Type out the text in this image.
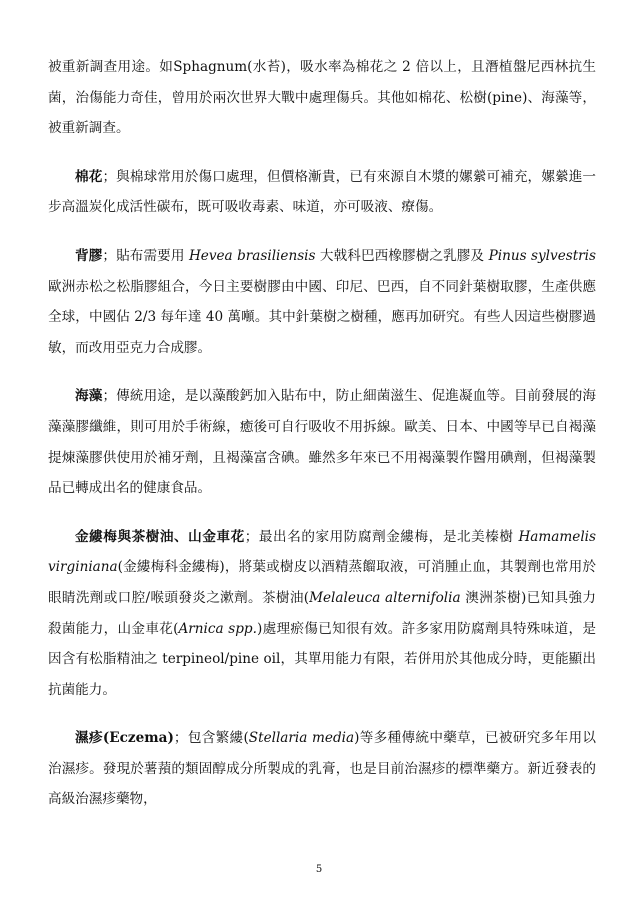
被重新調查用途。如Sphagnum(水苔)，吸水率為棉花之 2 倍以上，且潛植盤尼西林抗生菌，治傷能力奇佳，曾用於兩次世界大戰中處理傷兵。其他如棉花、松樹(pine)、海藻等，被重新調查。

棉花；與棉球常用於傷口處理，但價格漸貴，已有來源自木漿的嫘縈可補充，嫘縈進一步高溫炭化成活性碳布，既可吸收毒素、味道，亦可吸液、療傷。

背膠；貼布需要用 Hevea brasiliensis 大戟科巴西橡膠樹之乳膠及 Pinus sylvestris 歐洲赤松之松脂膠組合，今日主要樹膠由中國、印尼、巴西，自不同針葉樹取膠，生產供應全球，中國佔 2/3 每年達 40 萬噸。其中針葉樹之樹種，應再加研究。有些人因這些樹膠過敏，而改用亞克力合成膠。

海藻；傳統用途，是以藻酸鈣加入貼布中，防止細菌滋生、促進凝血等。目前發展的海藻藻膠纖維，則可用於手術線，癒後可自行吸收不用拆線。歐美、日本、中國等早已自褐藻提煉藻膠供使用於補牙劑，且褐藻富含碘。雖然多年來已不用褐藻製作醫用碘劑，但褐藻製品已轉成出名的健康食品。

金縷梅與茶樹油、山金車花；最出名的家用防腐劑金縷梅，是北美榛樹 Hamamelis virginiana(金縷梅科金縷梅)，將葉或樹皮以酒精蒸餾取液，可消腫止血，其製劑也常用於眼睛洗劑或口腔/喉頭發炎之漱劑。茶樹油(Melaleuca alternifolia 澳洲茶樹)已知具強力殺菌能力，山金車花(Arnica spp.)處理瘀傷已知很有效。許多家用防腐劑具特殊味道，是因含有松脂精油之 terpineol/pine oil，其單用能力有限，若併用於其他成分時，更能顯出抗菌能力。

濕疹(Eczema)；包含繁縷(Stellaria media)等多種傳統中藥草，已被研究多年用以治濕疹。發現於薯蕷的類固醇成分所製成的乳膏，也是目前治濕疹的標準藥方。新近發表的高級治濕疹藥物，

5
